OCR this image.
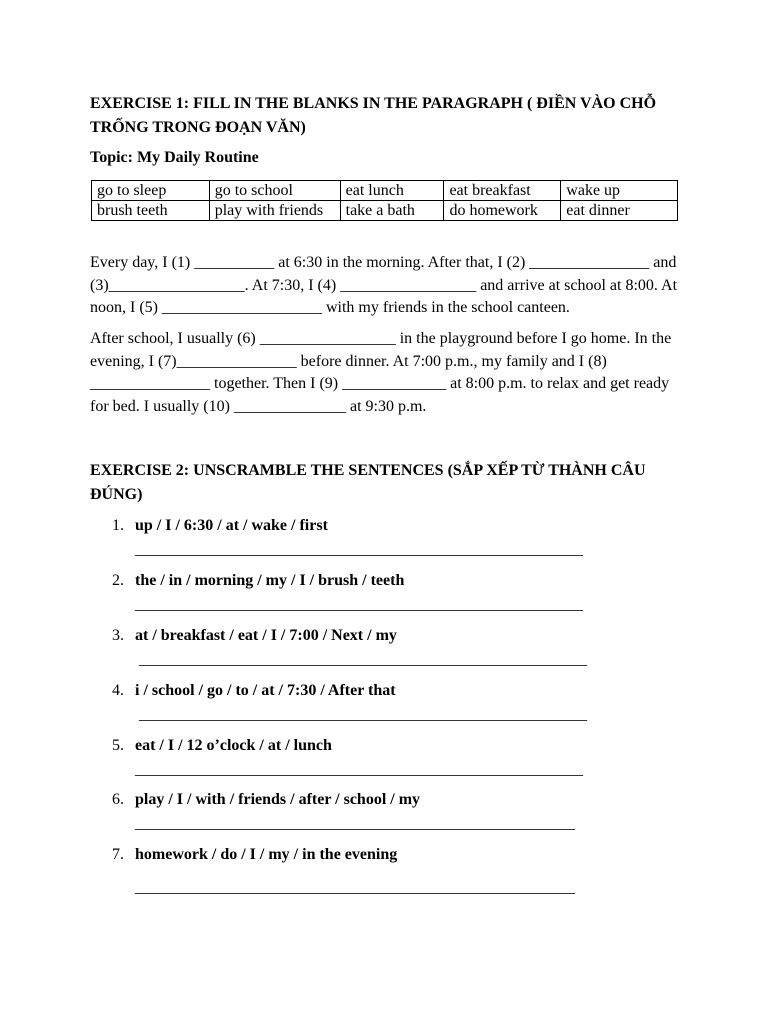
EXERCISE 1: FILL IN THE BLANKS IN THE PARAGRAPH ( ĐIỀN VÀO CHỖ TRỐNG TRONG ĐOẠN VĂN)
Topic: My Daily Routine
go to sleep	go to school	eat lunch	eat breakfast	wake up
brush teeth	play with friends	take a bath	do homework	eat dinner

Every day, I (1) __________ at 6:30 in the morning. After that, I (2) _______________ and (3)_________________. At 7:30, I (4) _________________ and arrive at school at 8:00. At noon, I (5) ____________________ with my friends in the school canteen.

After school, I usually (6) _________________ in the playground before I go home. In the evening, I (7)_______________ before dinner. At 7:00 p.m., my family and I (8) _______________ together. Then I (9) _____________ at 8:00 p.m. to relax and get ready for bed. I usually (10) ______________ at 9:30 p.m.

EXERCISE 2: UNSCRAMBLE THE SENTENCES (SẮP XẾP TỪ THÀNH CÂU ĐÚNG)
1. up / I / 6:30 / at / wake / first
________________________________________________________
2. the / in / morning / my / I / brush / teeth
________________________________________________________
3. at / breakfast / eat / I / 7:00 / Next / my
________________________________________________________
4. i / school / go / to / at / 7:30 / After that
________________________________________________________
5. eat / I / 12 o’clock / at / lunch
________________________________________________________
6. play / I / with / friends / after / school / my
_______________________________________________________
7. homework / do / I / my / in the evening
_______________________________________________________
